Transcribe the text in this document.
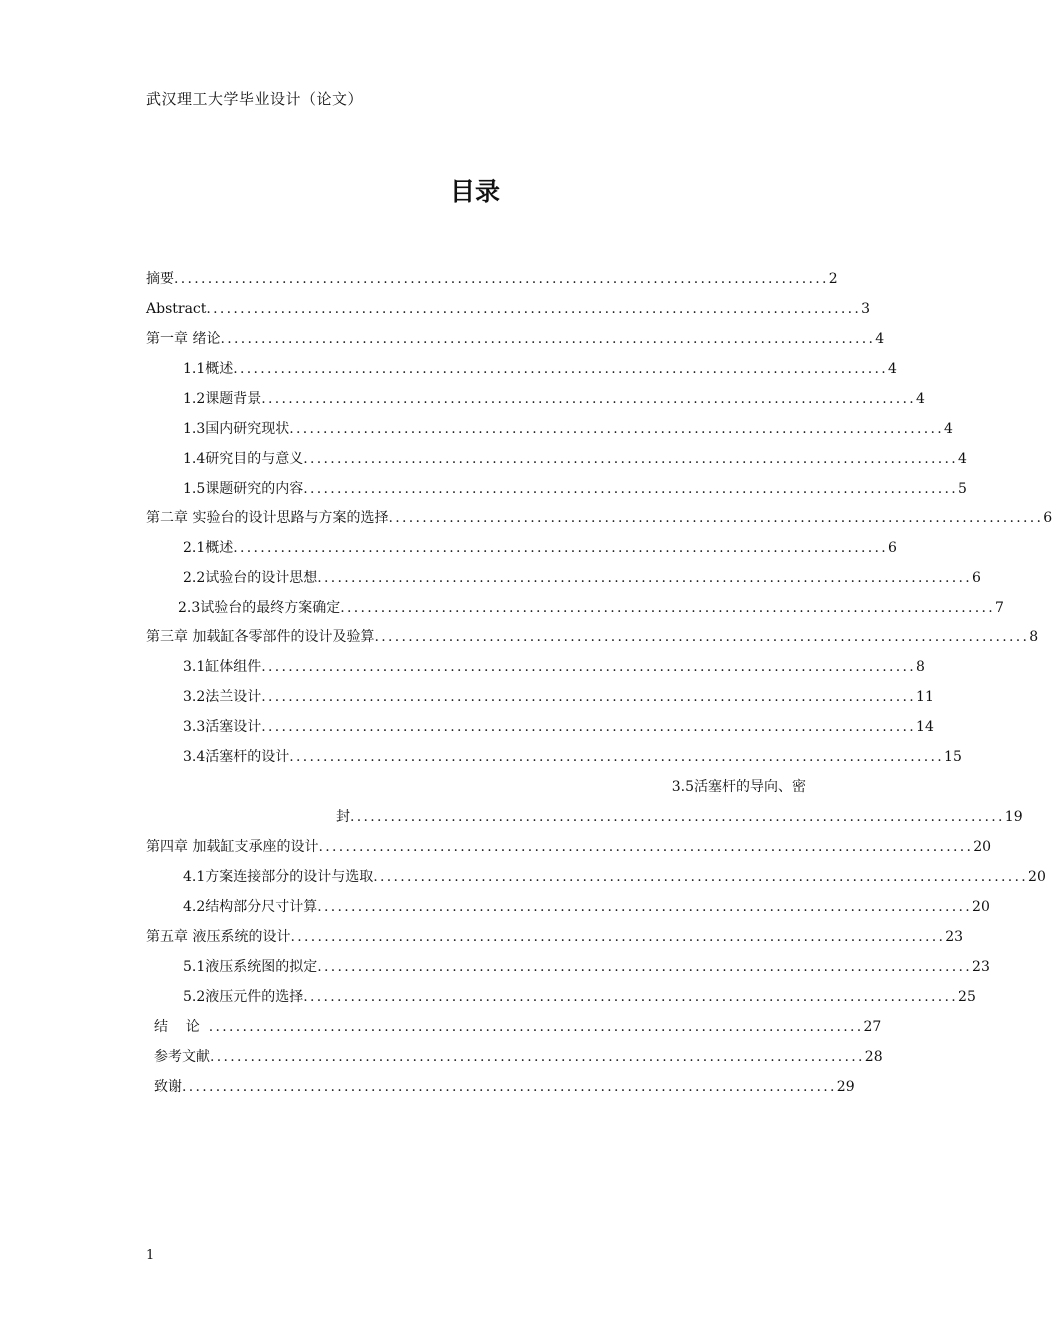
武汉理工大学毕业设计（论文）
目录
摘要 ................................................................................................. 2
Abstract ................................................................................................. 3
第一章 绪论 ................................................................................................. 4
1.1概述 ................................................................................................. 4
1.2课题背景 ................................................................................................. 4
1.3国内研究现状 ................................................................................................. 4
1.4研究目的与意义 ................................................................................................. 4
1.5课题研究的内容 ................................................................................................. 5
第二章 实验台的设计思路与方案的选择 ................................................................................................. 6
2.1概述 ................................................................................................. 6
2.2试验台的设计思想 ................................................................................................. 6
2.3试验台的最终方案确定 ................................................................................................. 7
第三章 加载缸各零部件的设计及验算 ................................................................................................. 8
3.1缸体组件 ................................................................................................. 8
3.2法兰设计 ................................................................................................. 11
3.3活塞设计 ................................................................................................. 14
3.4活塞杆的设计 ................................................................................................. 15
3.5活塞杆的导向、密
封 ................................................................................................. 19
第四章 加载缸支承座的设计 ................................................................................................. 20
4.1方案连接部分的设计与选取 ................................................................................................. 20
4.2结构部分尺寸计算 ................................................................................................. 20
第五章 液压系统的设计 ................................................................................................. 23
5.1液压系统图的拟定 ................................................................................................. 23
5.2液压元件的选择 ................................................................................................. 25
结    论 ................................................................................................. 27
参考文献 ................................................................................................. 28
致谢 ................................................................................................. 29
1
